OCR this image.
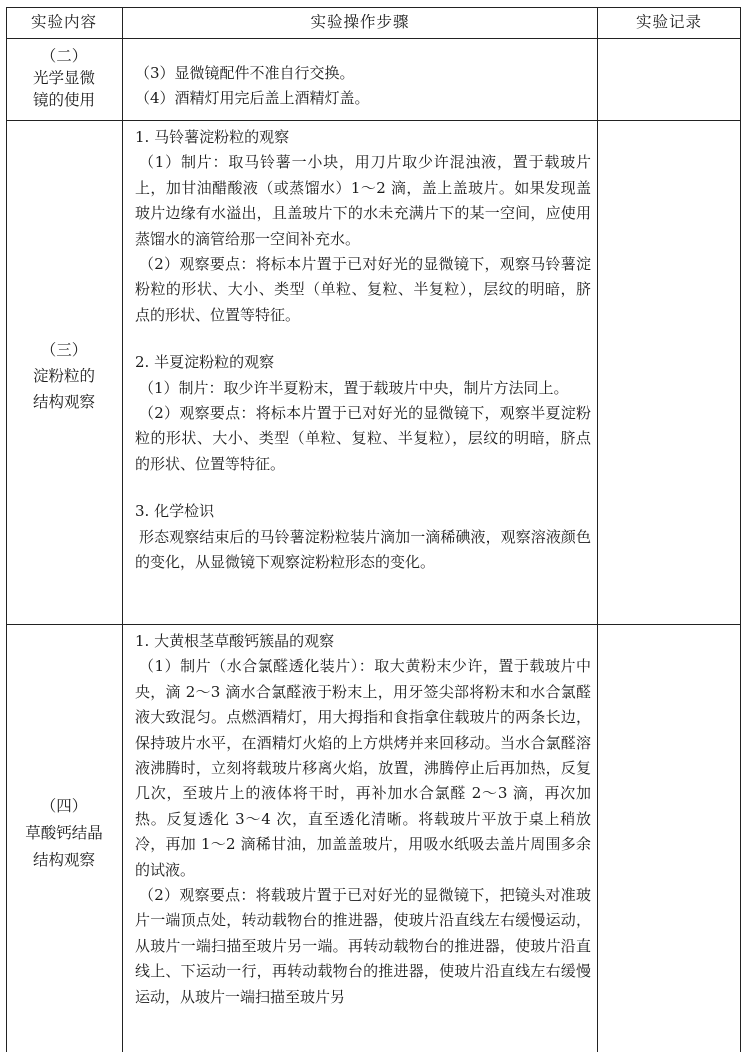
实验内容	实验操作步骤	实验记录
（二）
光学显微
镜的使用

（3）显微镜配件不准自行交换。

（4）酒精灯用完后盖上酒精灯盖。

（三）
淀粉粒的
结构观察

1. 马铃薯淀粉粒的观察

（1）制片：取马铃薯一小块，用刀片取少许混浊液，置于载玻片上，加甘油醋酸液（或蒸馏水）1～2 滴，盖上盖玻片。如果发现盖玻片边缘有水溢出，且盖玻片下的水未充满片下的某一空间，应使用蒸馏水的滴管给那一空间补充水。

（2）观察要点：将标本片置于已对好光的显微镜下，观察马铃薯淀粉粒的形状、大小、类型（单粒、复粒、半复粒），层纹的明暗，脐点的形状、位置等特征。

2. 半夏淀粉粒的观察

（1）制片：取少许半夏粉末，置于载玻片中央，制片方法同上。

（2）观察要点：将标本片置于已对好光的显微镜下，观察半夏淀粉粒的形状、大小、类型（单粒、复粒、半复粒），层纹的明暗，脐点的形状、位置等特征。

3. 化学检识

形态观察结束后的马铃薯淀粉粒装片滴加一滴稀碘液，观察溶液颜色的变化，从显微镜下观察淀粉粒形态的变化。

（四）
草酸钙结晶
结构观察

1. 大黄根茎草酸钙簇晶的观察

（1）制片（水合氯醛透化装片）：取大黄粉末少许，置于载玻片中央，滴 2～3 滴水合氯醛液于粉末上，用牙签尖部将粉末和水合氯醛液大致混匀。点燃酒精灯，用大拇指和食指拿住载玻片的两条长边，保持玻片水平，在酒精灯火焰的上方烘烤并来回移动。当水合氯醛溶液沸腾时，立刻将载玻片移离火焰，放置，沸腾停止后再加热，反复几次，至玻片上的液体将干时，再补加水合氯醛 2～3 滴，再次加热。反复透化 3～4 次，直至透化清晰。将载玻片平放于桌上稍放冷，再加 1～2 滴稀甘油，加盖盖玻片，用吸水纸吸去盖片周围多余的试液。

（2）观察要点：将载玻片置于已对好光的显微镜下，把镜头对准玻片一端顶点处，转动载物台的推进器，使玻片沿直线左右缓慢运动，从玻片一端扫描至玻片另一端。再转动载物台的推进器，使玻片沿直线上、下运动一行，再转动载物台的推进器，使玻片沿直线左右缓慢运动，从玻片一端扫描至玻片另
